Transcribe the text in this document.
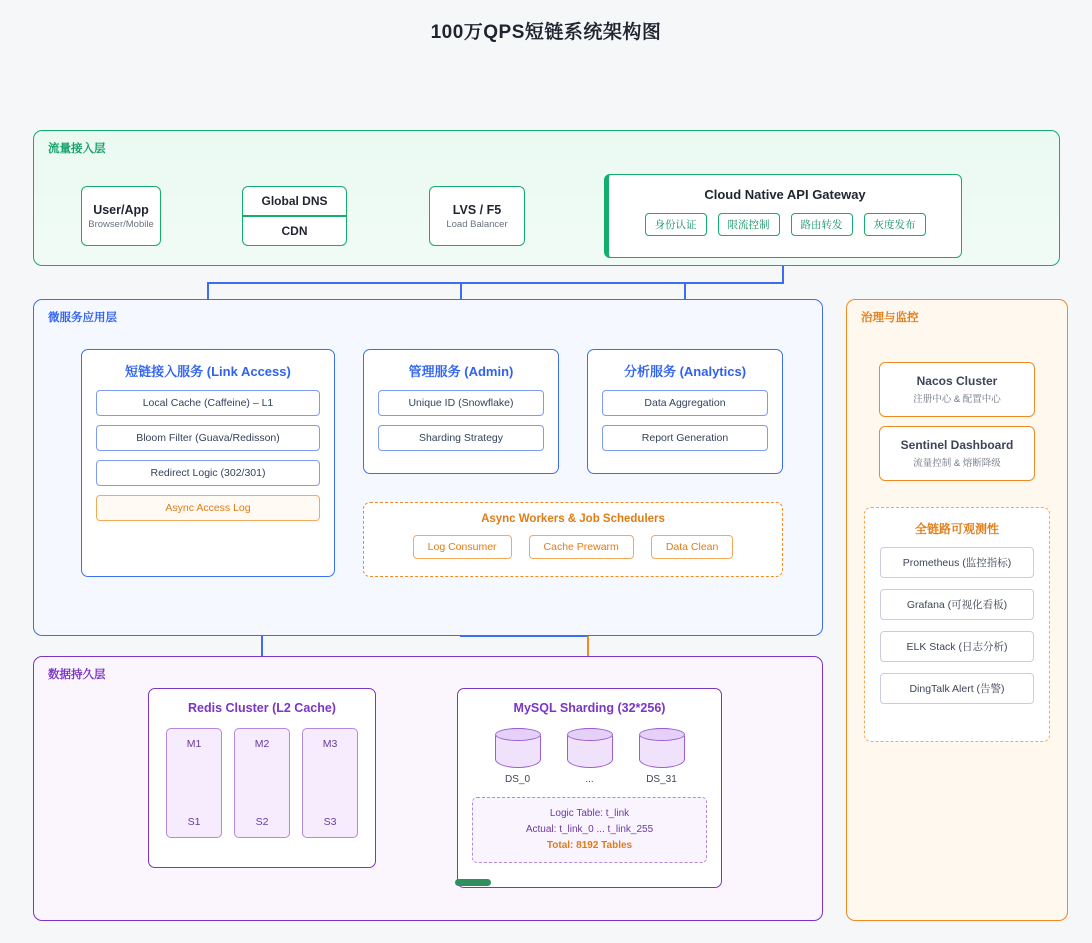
100万QPS短链系统架构图
流量接入层
User/App
Browser/Mobile
Global DNS
CDN
LVS / F5
Load Balancer
Cloud Native API Gateway
身份认证	限流控制	路由转发	灰度发布
微服务应用层
短链接入服务 (Link Access)
Local Cache (Caffeine) – L1
Bloom Filter (Guava/Redisson)
Redirect Logic (302/301)
Async Access Log
管理服务 (Admin)
Unique ID (Snowflake)
Sharding Strategy
分析服务 (Analytics)
Data Aggregation
Report Generation
Async Workers & Job Schedulers
Log Consumer	Cache Prewarm	Data Clean
数据持久层
Redis Cluster (L2 Cache)
M1
S1
M2
S2
M3
S3
MySQL Sharding (32*256)
DS_0	...	DS_31
Logic Table: t_link
Actual: t_link_0 ... t_link_255
Total: 8192 Tables
治理与监控
Nacos Cluster
注册中心 & 配置中心
Sentinel Dashboard
流量控制 & 熔断降级
全链路可观测性
Prometheus (监控指标)
Grafana (可视化看板)
ELK Stack (日志分析)
DingTalk Alert (告警)
